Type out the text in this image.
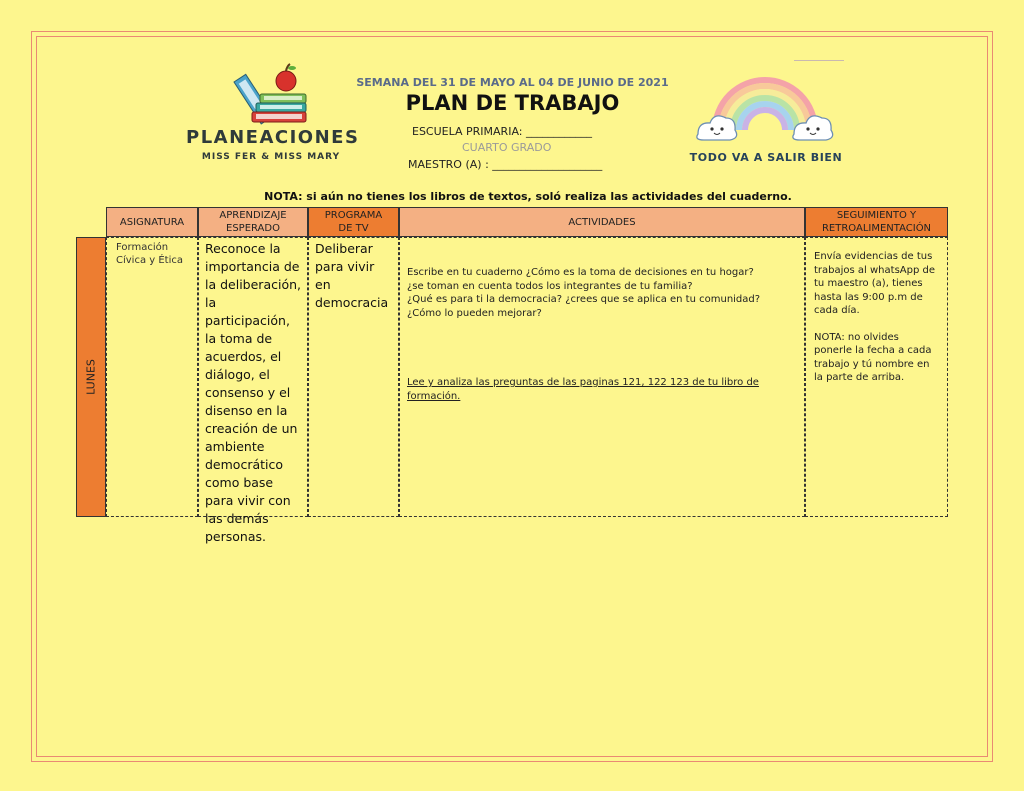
PLANEACIONES
MISS FER & MISS MARY
SEMANA DEL 31 DE MAYO AL 04 DE JUNIO DE 2021
PLAN DE TRABAJO
ESCUELA PRIMARIA: ____________
CUARTO GRADO
MAESTRO (A) : ____________________
TODO VA A SALIR BIEN
NOTA: si aún no tienes los libros de textos, soló realiza las actividades del cuaderno.
ASIGNATURA
APRENDIZAJE
ESPERADO
PROGRAMA
DE TV
ACTIVIDADES
SEGUIMIENTO Y
RETROALIMENTACIÓN
LUNES
Formación
Cívica y Ética
Reconoce la importancia de la deliberación, la participación, la toma de acuerdos, el diálogo, el consenso y el disenso en la creación de un ambiente democrático como base para vivir con las demás personas.
Deliberar para vivir en democracia
Escribe en tu cuaderno ¿Cómo es la toma de decisiones en tu hogar?
¿se toman en cuenta todos los integrantes de tu familia?
¿Qué es para ti la democracia? ¿crees que se aplica en tu comunidad?
¿Cómo lo pueden mejorar?
Lee y analiza las preguntas de las paginas 121, 122 123 de tu libro de formación.
Envía evidencias de tus trabajos al whatsApp de tu maestro (a), tienes hasta las 9:00 p.m de cada día.
NOTA: no olvides ponerle la fecha a cada trabajo y tú nombre en la parte de arriba.
